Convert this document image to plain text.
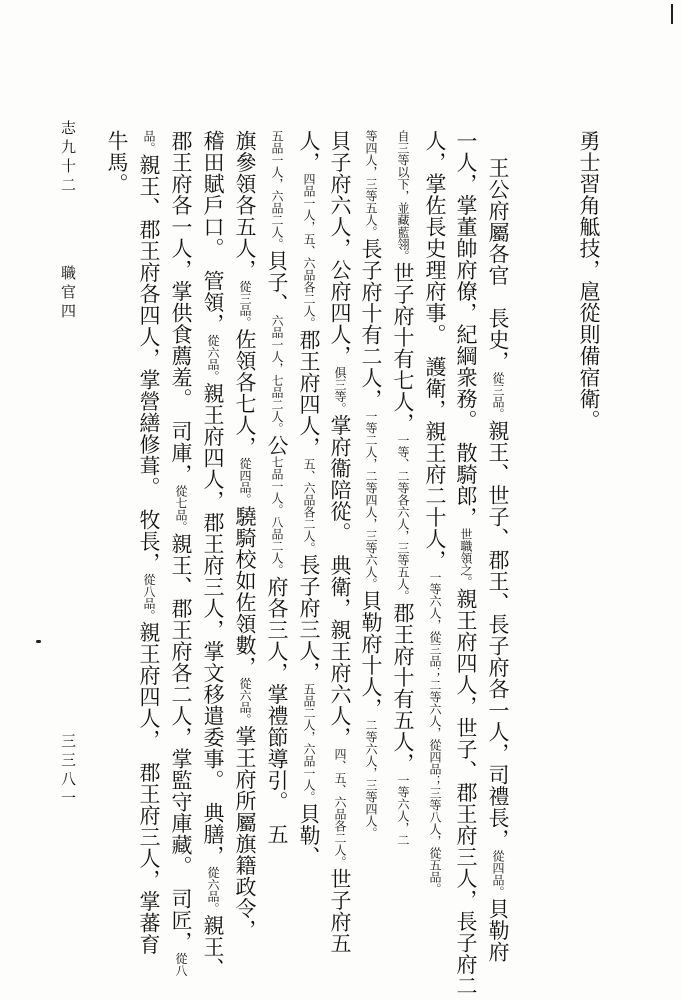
勇士習角觝技，扈從則備宿衛。
王公府屬各官　長史，從三品。親王、世子、郡王、長子府各一人，司禮長，從四品。貝勒府
一人，掌董帥府僚，紀綱衆務。　散騎郎，世職領之。親王府四人，世子、郡王府三人，長子府二
人，掌佐長史理府事。　護衛，親王府二十人，一等六人，從三品；二等六人，從四品；三等八人，從五品。
自三等以下，並藏藍翎。世子府十有七人，一等、二等各六人，三等五人。郡王府十有五人，一等六人，二
等四人，三等五人。長子府十有二人，一等二人，二等四人，三等六人。貝勒府十人，二等六人，三等四人。
貝子府六人，公府四人，俱三等。掌府衞陪從。　典衛，親王府六人，四、五、六品各二人。世子府五
人，四品一人，五、六品各二人。郡王府四人，五、六品各二人。長子府三人，五品二人，六品一人。貝勒、
五品一人，六品二人。貝子、六品一人，七品二人。公七品一人。八品二人。府各三人，掌禮節導引。　五
旗參領各五人，從三品。佐領各七人，從四品。驍騎校如佐領數，從六品。掌王府所屬旗籍政令，
稽田賦戶口。　管領，從六品。親王府四人，郡王府三人，掌文移遣委事。　典膳，從六品。親王、
郡王府各一人，掌供食薦羞。　司庫，從七品。親王、郡王府各二人，掌監守庫藏。　司匠，從八
品。親王、郡王府各四人，掌營繕修葺。　牧長，從八品。親王府四人，　郡王府三人，掌蕃育
牛馬。
志九十二
職官四
三三八一
